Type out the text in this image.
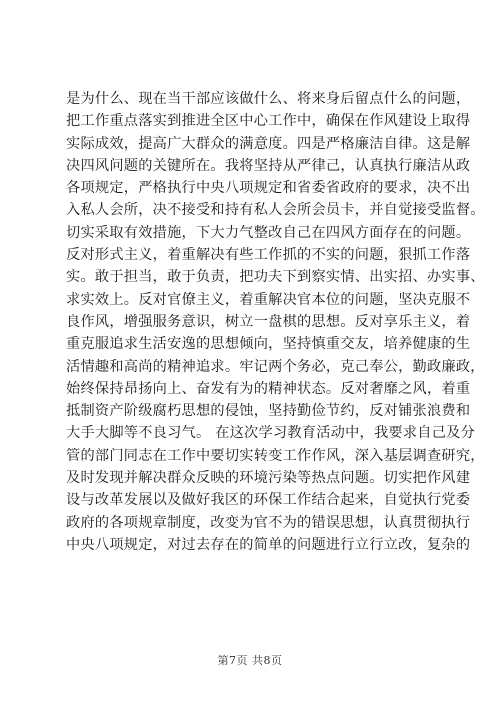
是为什么、现在当干部应该做什么、将来身后留点什么的问题，
把工作重点落实到推进全区中心工作中，确保在作风建设上取得
实际成效，提高广大群众的满意度。四是严格廉洁自律。这是解
决四风问题的关键所在。我将坚持从严律己，认真执行廉洁从政
各项规定，严格执行中央八项规定和省委省政府的要求，决不出
入私人会所，决不接受和持有私人会所会员卡，并自觉接受监督。
切实采取有效措施，下大力气整改自己在四风方面存在的问题。
反对形式主义，着重解决有些工作抓的不实的问题，狠抓工作落
实。敢于担当，敢于负责，把功夫下到察实情、出实招、办实事、
求实效上。反对官僚主义，着重解决官本位的问题，坚决克服不
良作风，增强服务意识，树立一盘棋的思想。反对享乐主义，着
重克服追求生活安逸的思想倾向，坚持慎重交友，培养健康的生
活情趣和高尚的精神追求。牢记两个务必，克己奉公，勤政廉政，
始终保持昂扬向上、奋发有为的精神状态。反对奢靡之风，着重
抵制资产阶级腐朽思想的侵蚀，坚持勤俭节约，反对铺张浪费和
大手大脚等不良习气。 在这次学习教育活动中，我要求自己及分
管的部门同志在工作中要切实转变工作作风，深入基层调查研究，
及时发现并解决群众反映的环境污染等热点问题。切实把作风建
设与改革发展以及做好我区的环保工作结合起来，自觉执行党委
政府的各项规章制度，改变为官不为的错误思想，认真贯彻执行
中央八项规定，对过去存在的简单的问题进行立行立改，复杂的
第7页 共8页
